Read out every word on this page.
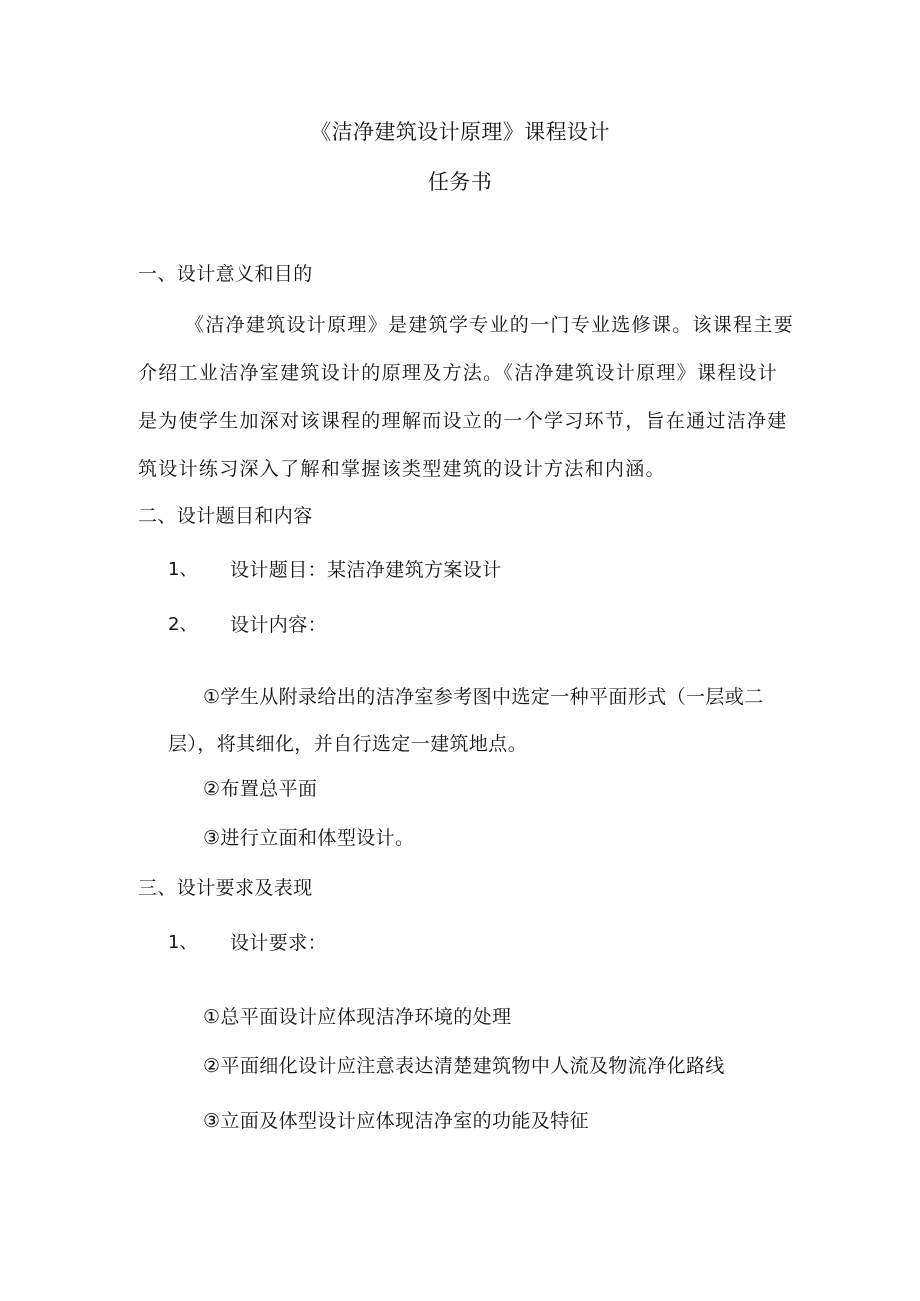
《洁净建筑设计原理》课程设计
任务书
一、设计意义和目的
《洁净建筑设计原理》是建筑学专业的一门专业选修课。该课程主要
介绍工业洁净室建筑设计的原理及方法。《洁净建筑设计原理》课程设计
是为使学生加深对该课程的理解而设立的一个学习环节，旨在通过洁净建
筑设计练习深入了解和掌握该类型建筑的设计方法和内涵。
二、设计题目和内容
1、 设计题目：某洁净建筑方案设计
2、 设计内容：
①学生从附录给出的洁净室参考图中选定一种平面形式（一层或二
层），将其细化，并自行选定一建筑地点。
②布置总平面
③进行立面和体型设计。
三、设计要求及表现
1、 设计要求：
①总平面设计应体现洁净环境的处理
②平面细化设计应注意表达清楚建筑物中人流及物流净化路线
③立面及体型设计应体现洁净室的功能及特征
